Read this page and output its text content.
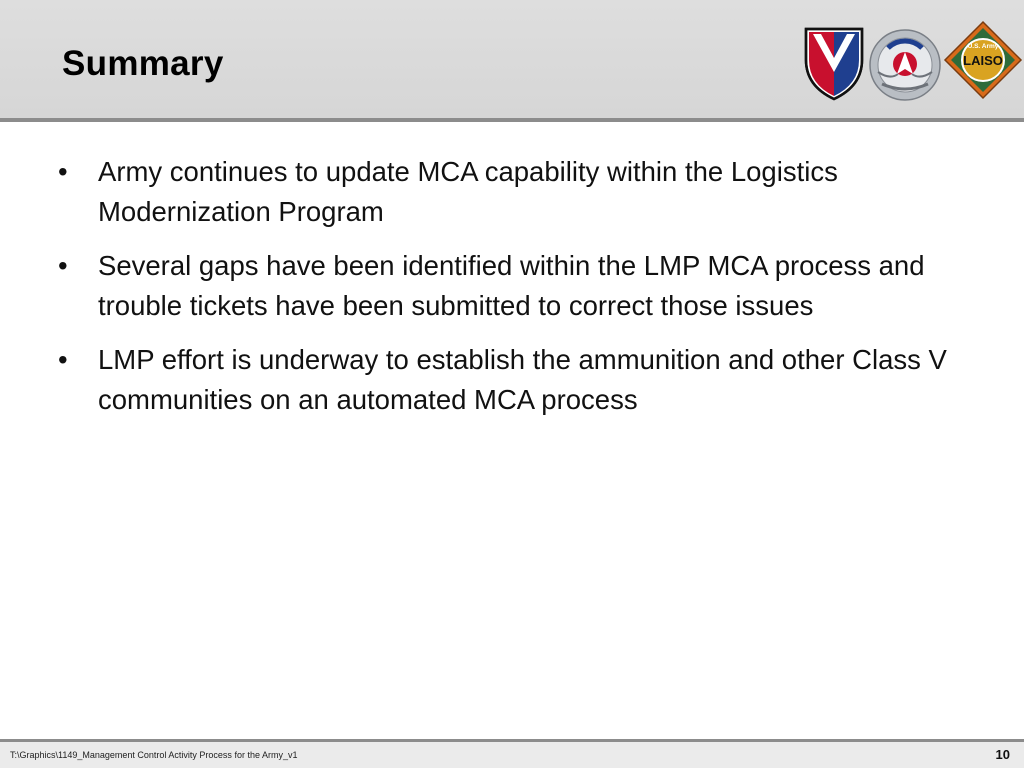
Summary	U.S. Army
LAISO
• Army continues to update MCA capability within the Logistics Modernization Program
• Several gaps have been identified within the LMP MCA process and trouble tickets have been submitted to correct those issues
• LMP effort is underway to establish the ammunition and other Class V communities on an automated MCA process
T:\Graphics\1149_Management Control Activity Process for the Army_v1	10
